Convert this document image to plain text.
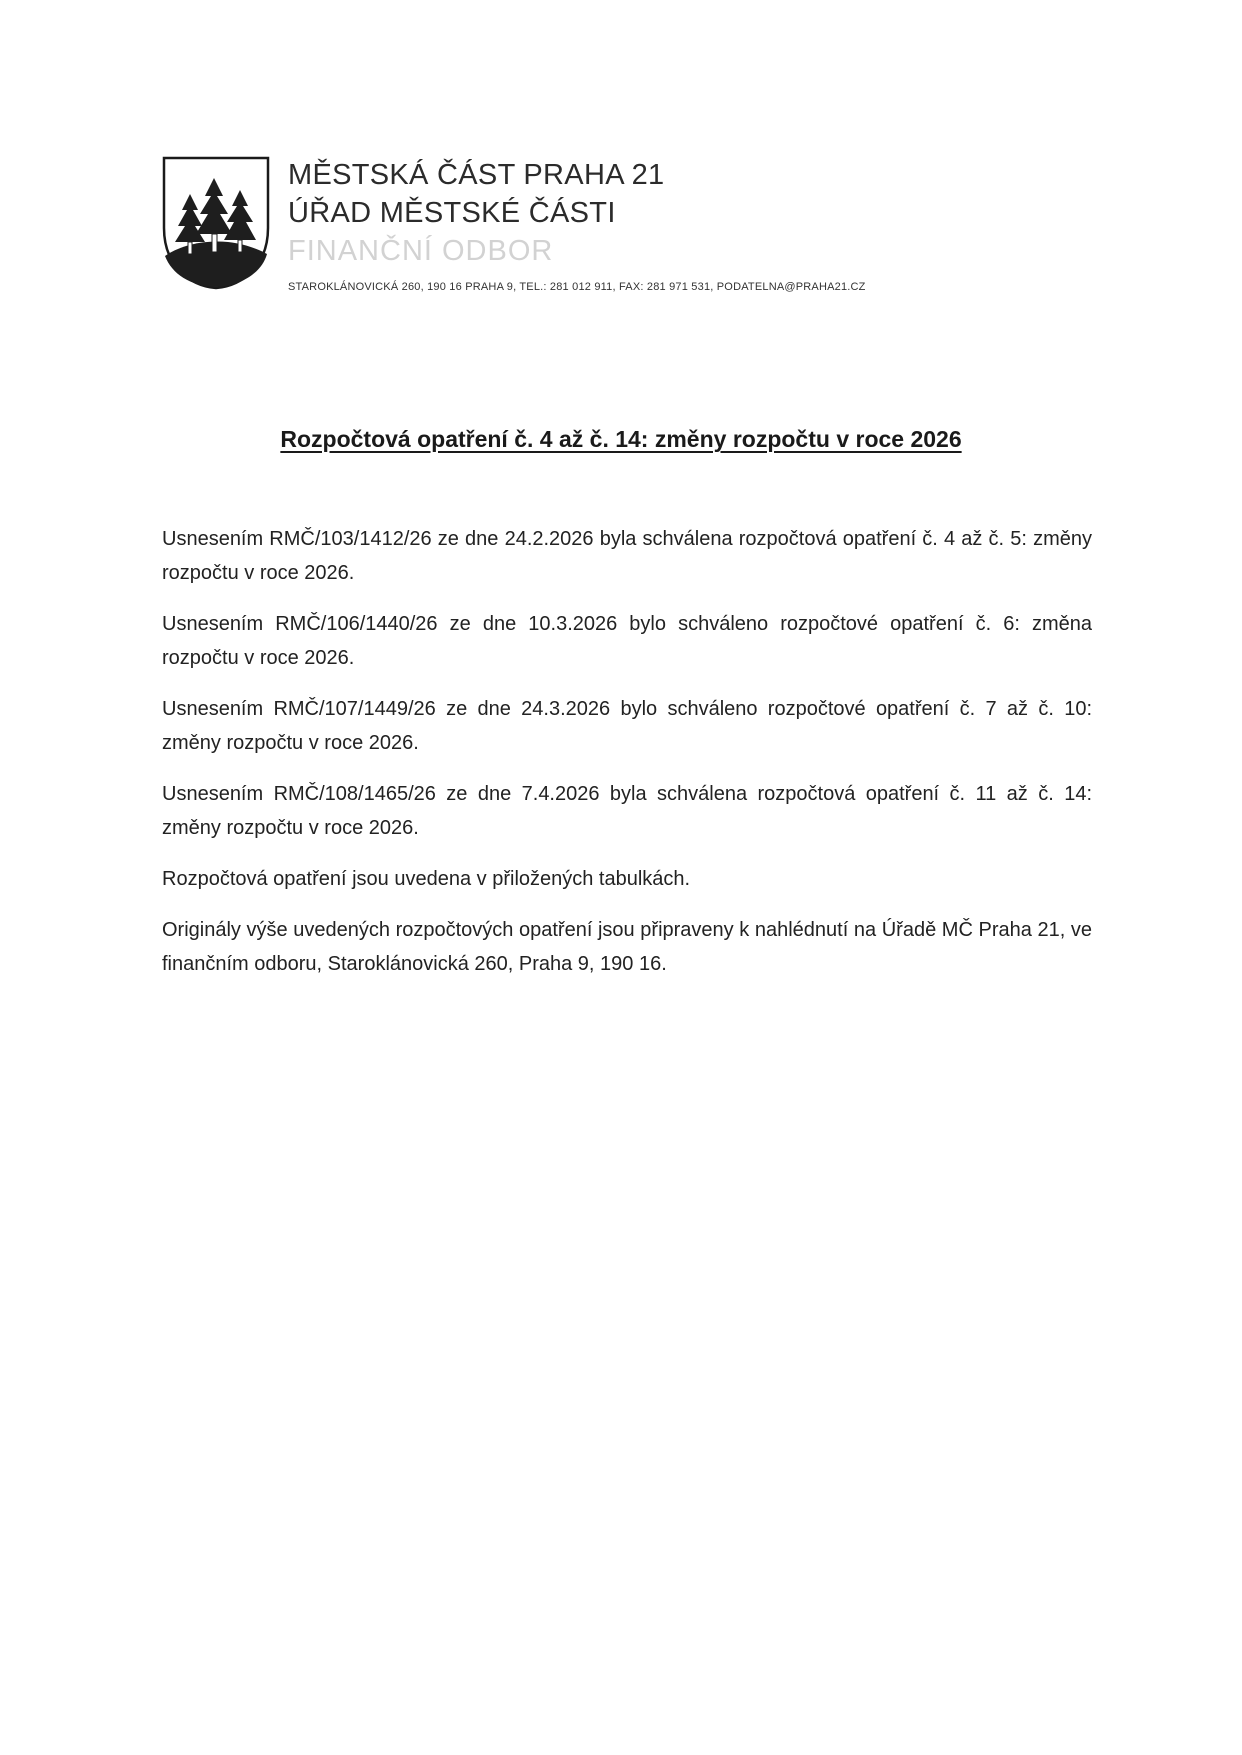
MĚSTSKÁ ČÁST PRAHA 21
ÚŘAD MĚSTSKÉ ČÁSTI
FINANČNÍ ODBOR
STAROKLÁNOVICKÁ 260, 190 16 PRAHA 9, TEL.: 281 012 911, FAX: 281 971 531, PODATELNA@PRAHA21.CZ
Rozpočtová opatření č. 4 až č. 14: změny rozpočtu v roce 2026

Usnesením RMČ/103/1412/26 ze dne 24.2.2026 byla schválena rozpočtová opatření č. 4 až č. 5: změny rozpočtu v roce 2026.

Usnesením RMČ/106/1440/26 ze dne 10.3.2026 bylo schváleno rozpočtové opatření č. 6: změna rozpočtu v roce 2026.

Usnesením RMČ/107/1449/26 ze dne 24.3.2026 bylo schváleno rozpočtové opatření č. 7 až č. 10: změny rozpočtu v roce 2026.

Usnesením RMČ/108/1465/26 ze dne 7.4.2026 byla schválena rozpočtová opatření č. 11 až č. 14: změny rozpočtu v roce 2026.

Rozpočtová opatření jsou uvedena v přiložených tabulkách.

Originály výše uvedených rozpočtových opatření jsou připraveny k nahlédnutí na Úřadě MČ Praha 21, ve finančním odboru, Staroklánovická 260, Praha 9, 190 16.
